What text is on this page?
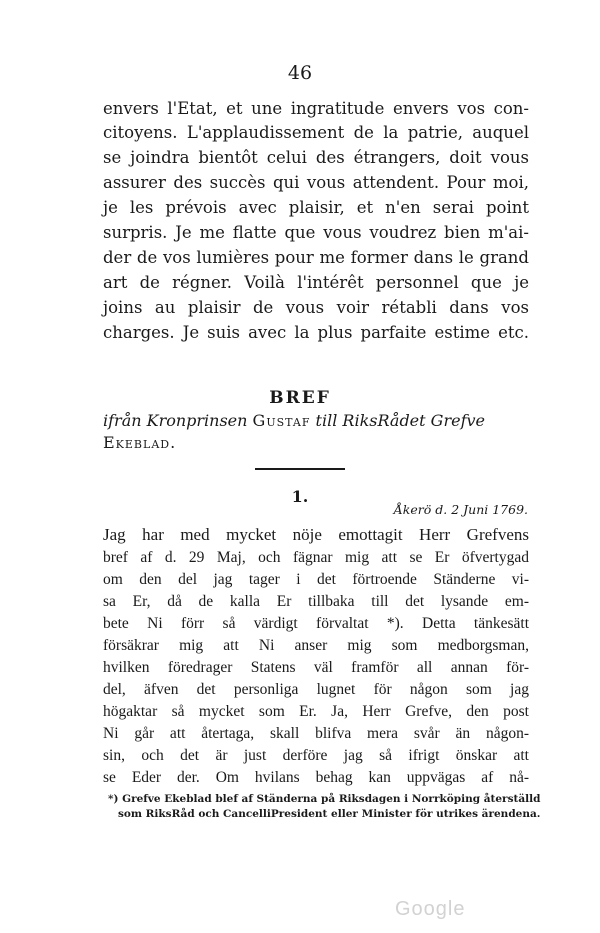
46
envers l'Etat, et une ingratitude envers vos con-
citoyens. L'applaudissement de la patrie, auquel
se joindra bientôt celui des étrangers, doit vous
assurer des succès qui vous attendent. Pour moi,
je les prévois avec plaisir, et n'en serai point
surpris. Je me flatte que vous voudrez bien m'ai-
der de vos lumières pour me former dans le grand
art de régner. Voilà l'intérêt personnel que je
joins au plaisir de vous voir rétabli dans vos
charges. Je suis avec la plus parfaite estime etc.
BREF
ifrån Kronprinsen Gustaf till RiksRådet Grefve
Ekeblad.
1.
Åkerö d. 2 Juni 1769.
Jag har med mycket nöje emottagit Herr Grefvens
bref af d. 29 Maj, och fägnar mig att se Er öfvertygad
om den del jag tager i det förtroende Ständerne vi-
sa Er, då de kalla Er tillbaka till det lysande em-
bete Ni förr så värdigt förvaltat *). Detta tänkesätt
försäkrar mig att Ni anser mig som medborgsman,
hvilken föredrager Statens väl framför all annan för-
del, äfven det personliga lugnet för någon som jag
högaktar så mycket som Er. Ja, Herr Grefve, den post
Ni går att återtaga, skall blifva mera svår än någon-
sin, och det är just derföre jag så ifrigt önskar att
se Eder der. Om hvilans behag kan uppvägas af nå-
*) Grefve Ekeblad blef af Ständerna på Riksdagen i Norrköping återställd
som RiksRåd och CancelliPresident eller Minister för utrikes ärendena.
Google
